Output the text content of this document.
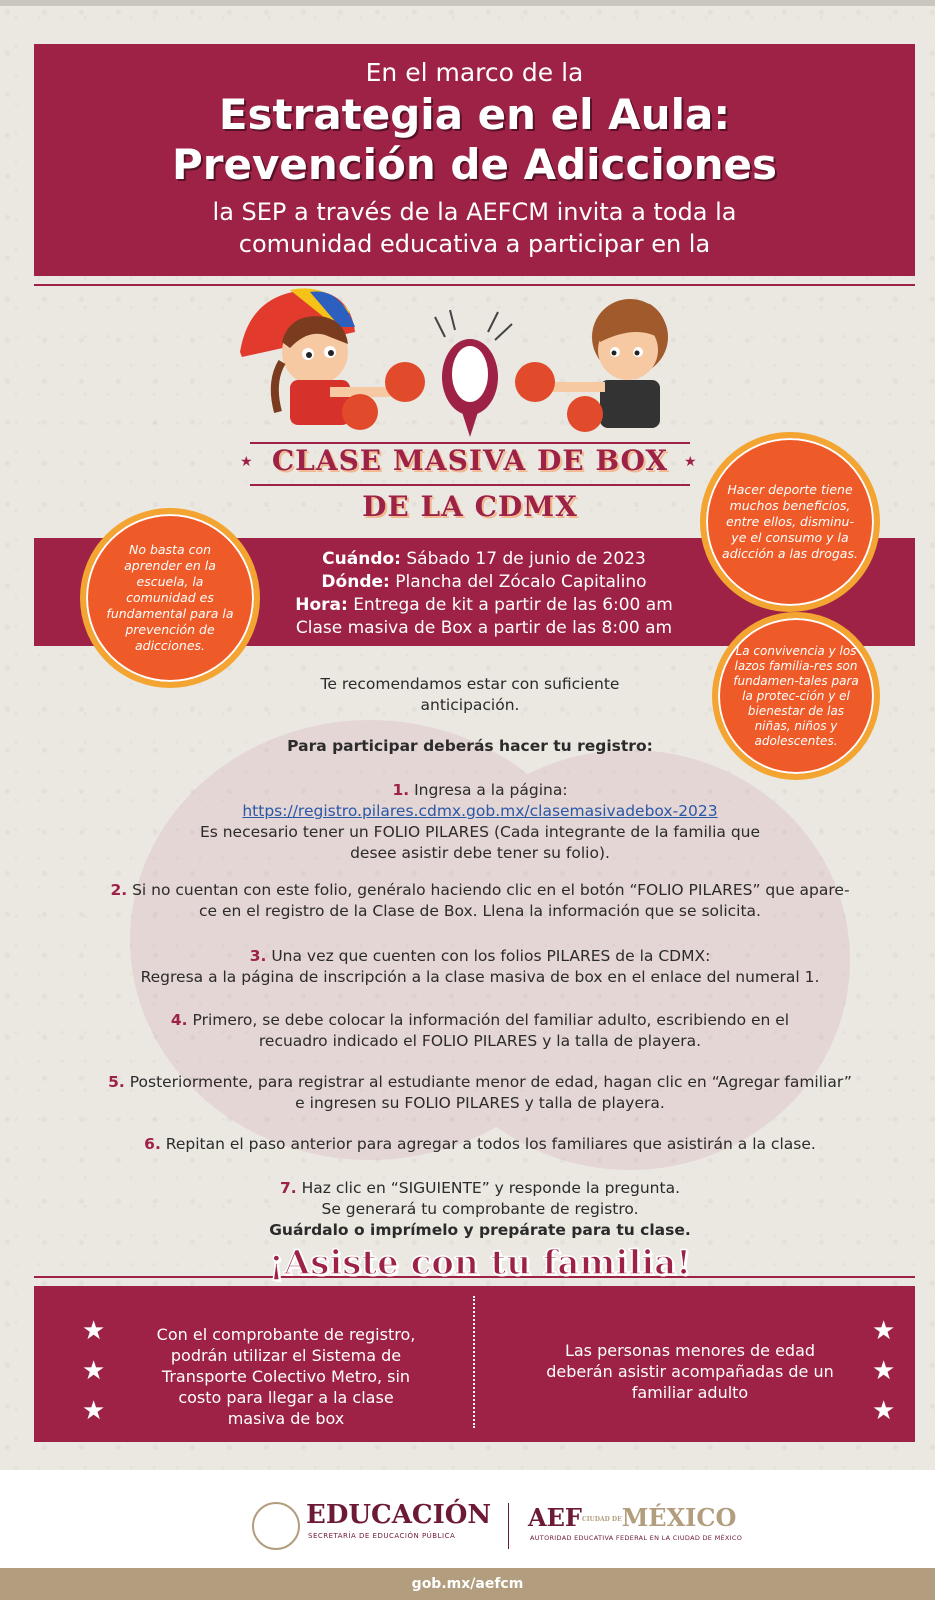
En el marco de la
Estrategia en el Aula:
Prevención de Adicciones
la SEP a través de la AEFCM invita a toda la
comunidad educativa a participar en la
★	★
CLASE MASIVA DE BOX
DE LA CDMX
Cuándo: Sábado 17 de junio de 2023
Dónde: Plancha del Zócalo Capitalino
Hora: Entrega de kit a partir de las 6:00 am
Clase masiva de Box a partir de las 8:00 am
No basta con aprender en la escuela, la comunidad es fundamental para la prevención de adicciones.
Hacer deporte tiene muchos beneficios, entre ellos, disminu-ye el consumo y la adicción a las drogas.
La convivencia y los lazos familia-res son fundamen-tales para la protec-ción y el bienestar de las niñas, niños y adolescentes.
Te recomendamos estar con suficiente
anticipación.
Para participar deberás hacer tu registro:
1. Ingresa a la página:
https://registro.pilares.cdmx.gob.mx/clasemasivadebox-2023
Es necesario tener un FOLIO PILARES (Cada integrante de la familia que
desee asistir debe tener su folio).
2. Si no cuentan con este folio, genéralo haciendo clic en el botón “FOLIO PILARES” que apare-
ce en el registro de la Clase de Box. Llena la información que se solicita.
3. Una vez que cuenten con los folios PILARES de la CDMX:
Regresa a la página de inscripción a la clase masiva de box en el enlace del numeral 1.
4. Primero, se debe colocar la información del familiar adulto, escribiendo en el
recuadro indicado el FOLIO PILARES y la talla de playera.
5. Posteriormente, para registrar al estudiante menor de edad, hagan clic en “Agregar familiar”
e ingresen su FOLIO PILARES y talla de playera.
6. Repitan el paso anterior para agregar a todos los familiares que asistirán a la clase.
7. Haz clic en “SIGUIENTE” y responde la pregunta.
Se generará tu comprobante de registro.
Guárdalo o imprímelo y prepárate para tu clase.
¡Asiste con tu familia!
★
★
★
★
★
★
Con el comprobante de registro, podrán utilizar el Sistema de Transporte Colectivo Metro, sin costo para llegar a la clase masiva de box
Las personas menores de edad deberán asistir acompañadas de un familiar adulto
EDUCACIÓN
SECRETARÍA DE EDUCACIÓN PÚBLICA
AEFCIUDAD DEMÉXICO
AUTORIDAD EDUCATIVA FEDERAL EN LA CIUDAD DE MÉXICO
gob.mx/aefcm
